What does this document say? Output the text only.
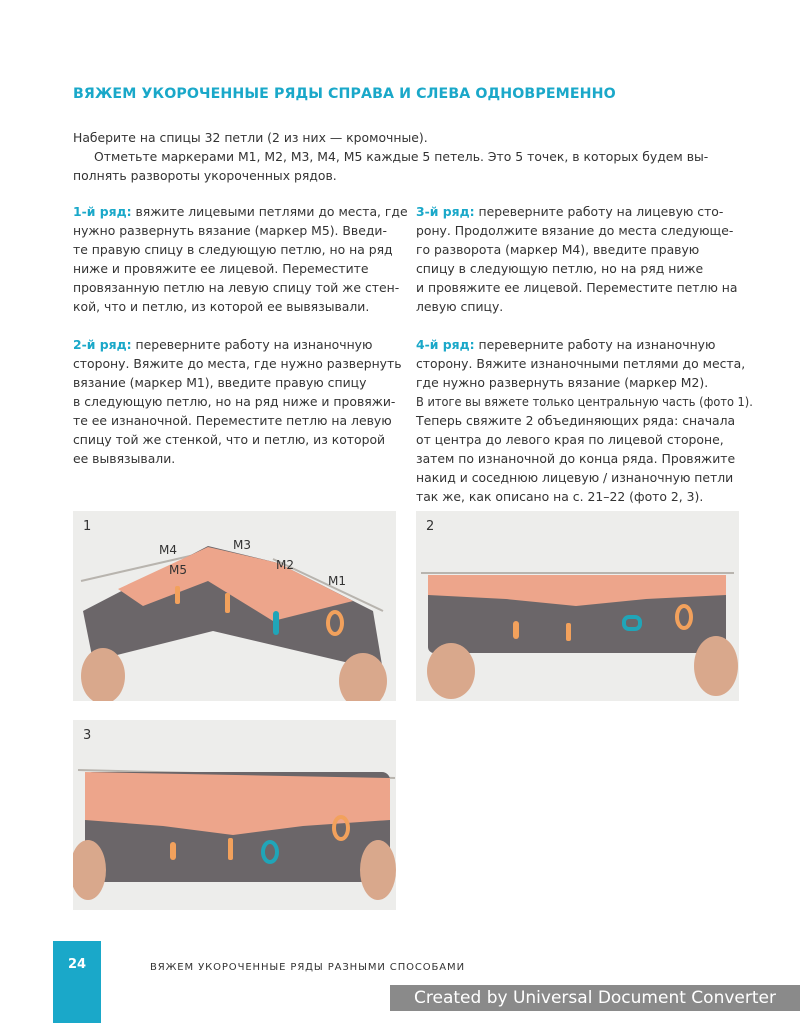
ВЯЖЕМ УКОРОЧЕННЫЕ РЯДЫ СПРАВА И СЛЕВА ОДНОВРЕМЕННО

Наберите на спицы 32 петли (2 из них — кромочные).

Отметьте маркерами М1, М2, М3, М4, М5 каждые 5 петель. Это 5 точек, в которых будем вы-

полнять развороты укороченных рядов.

1-й ряд: вяжите лицевыми петлями до места, где
нужно развернуть вязание (маркер М5). Введи-
те правую спицу в следующую петлю, но на ряд
ниже и провяжите ее лицевой. Переместите
провязанную петлю на левую спицу той же стен-
кой, что и петлю, из которой ее вывязывали.

2-й ряд: переверните работу на изнаночную
сторону. Вяжите до места, где нужно развернуть
вязание (маркер М1), введите правую спицу
в следующую петлю, но на ряд ниже и провяжи-
те ее изнаночной. Переместите петлю на левую
спицу той же стенкой, что и петлю, из которой
ее вывязывали.

3-й ряд: переверните работу на лицевую сто-
рону. Продолжите вязание до места следующе-
го разворота (маркер М4), введите правую
спицу в следующую петлю, но на ряд ниже
и провяжите ее лицевой. Переместите петлю на
левую спицу.

4-й ряд: переверните работу на изнаночную
сторону. Вяжите изнаночными петлями до места,
где нужно развернуть вязание (маркер М2).
В итоге вы вяжете только центральную часть (фото 1).
Теперь свяжите 2 объединяющих ряда: сначала
от центра до левого края по лицевой стороне,
затем по изнаночной до конца ряда. Провяжите
накид и соседнюю лицевую / изнаночную петли
так же, как описано на с. 21–22 (фото 2, 3).

1
М5
М4	М3
М2
М1
2
3
24	ВЯЖЕМ УКОРОЧЕННЫЕ РЯДЫ РАЗНЫМИ СПОСОБАМИ
Created by Universal Document Converter
